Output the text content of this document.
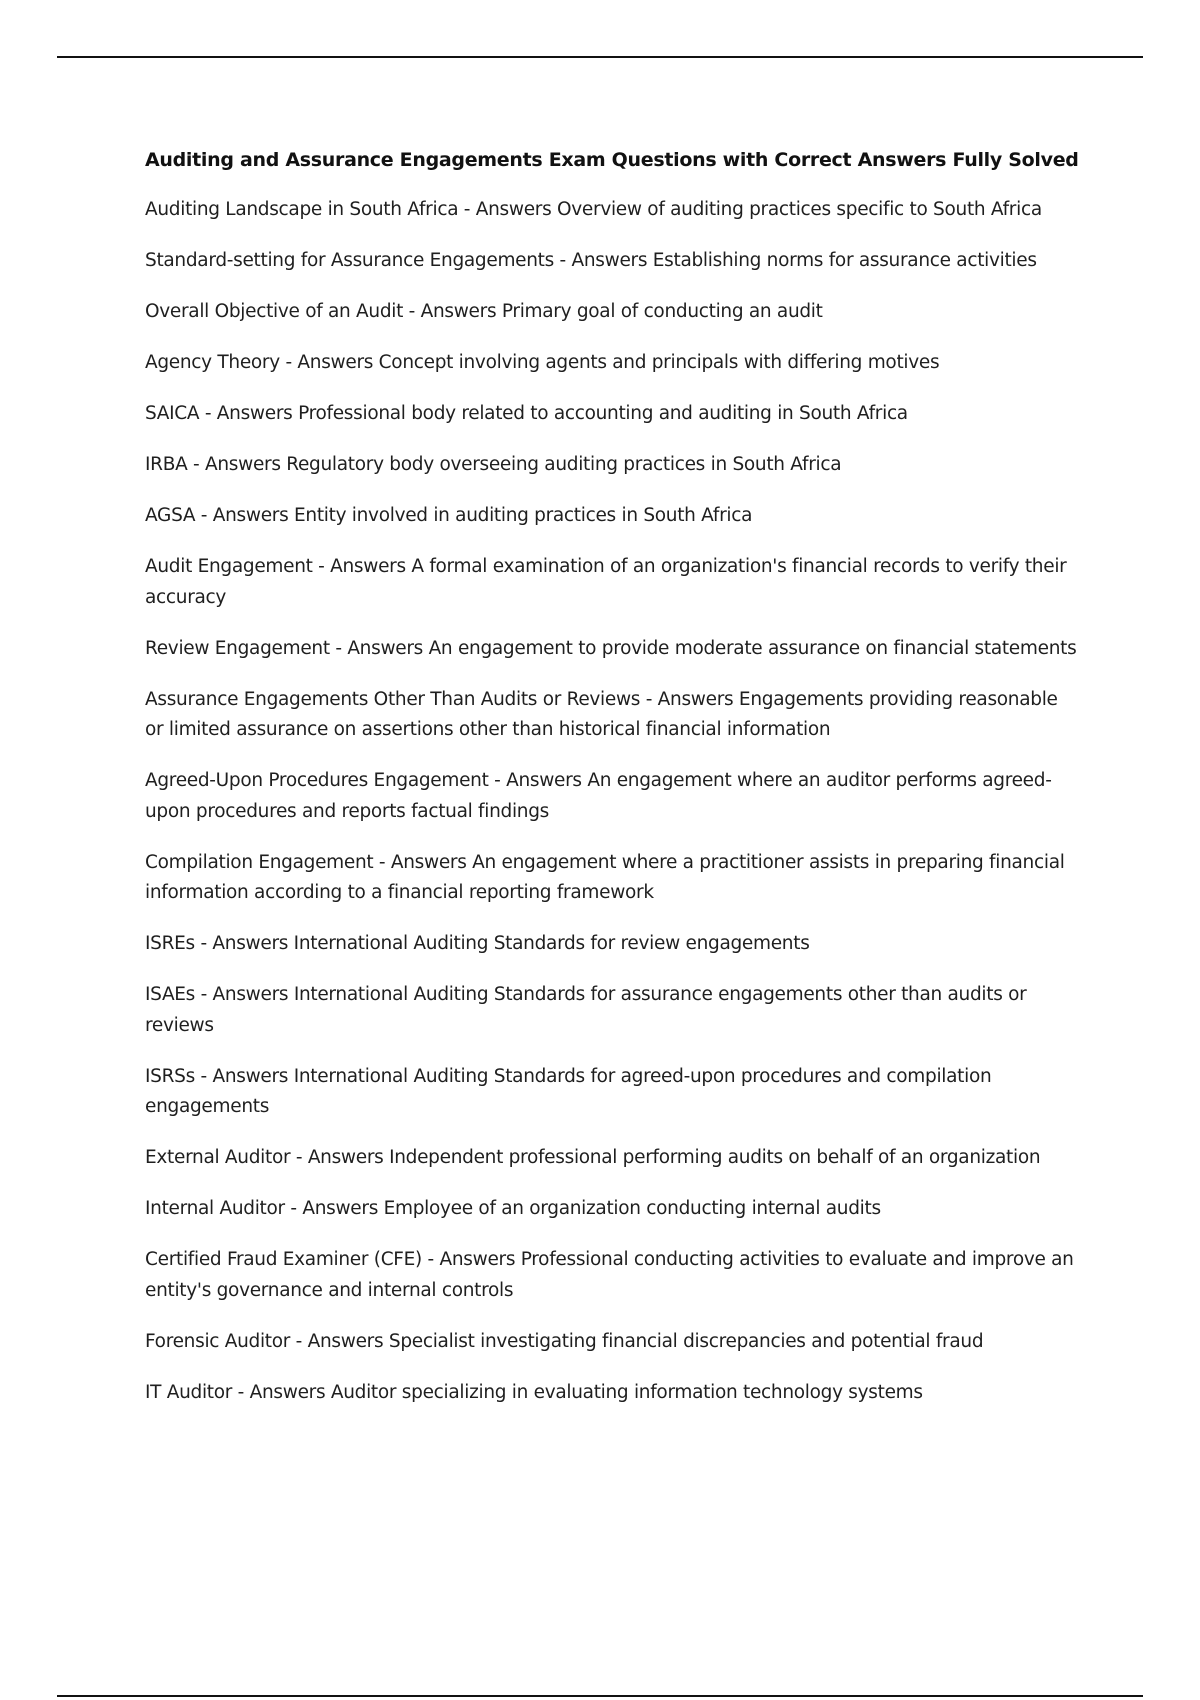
Auditing and Assurance Engagements Exam Questions with Correct Answers Fully Solved
Auditing Landscape in South Africa - Answers Overview of auditing practices specific to South Africa
Standard-setting for Assurance Engagements - Answers Establishing norms for assurance activities
Overall Objective of an Audit - Answers Primary goal of conducting an audit
Agency Theory - Answers Concept involving agents and principals with differing motives
SAICA - Answers Professional body related to accounting and auditing in South Africa
IRBA - Answers Regulatory body overseeing auditing practices in South Africa
AGSA - Answers Entity involved in auditing practices in South Africa
Audit Engagement - Answers A formal examination of an organization's financial records to verify their accuracy
Review Engagement - Answers An engagement to provide moderate assurance on financial statements
Assurance Engagements Other Than Audits or Reviews - Answers Engagements providing reasonable or limited assurance on assertions other than historical financial information
Agreed-Upon Procedures Engagement - Answers An engagement where an auditor performs agreed-upon procedures and reports factual findings
Compilation Engagement - Answers An engagement where a practitioner assists in preparing financial information according to a financial reporting framework
ISREs - Answers International Auditing Standards for review engagements
ISAEs - Answers International Auditing Standards for assurance engagements other than audits or reviews
ISRSs - Answers International Auditing Standards for agreed-upon procedures and compilation engagements
External Auditor - Answers Independent professional performing audits on behalf of an organization
Internal Auditor - Answers Employee of an organization conducting internal audits
Certified Fraud Examiner (CFE) - Answers Professional conducting activities to evaluate and improve an entity's governance and internal controls
Forensic Auditor - Answers Specialist investigating financial discrepancies and potential fraud
IT Auditor - Answers Auditor specializing in evaluating information technology systems
